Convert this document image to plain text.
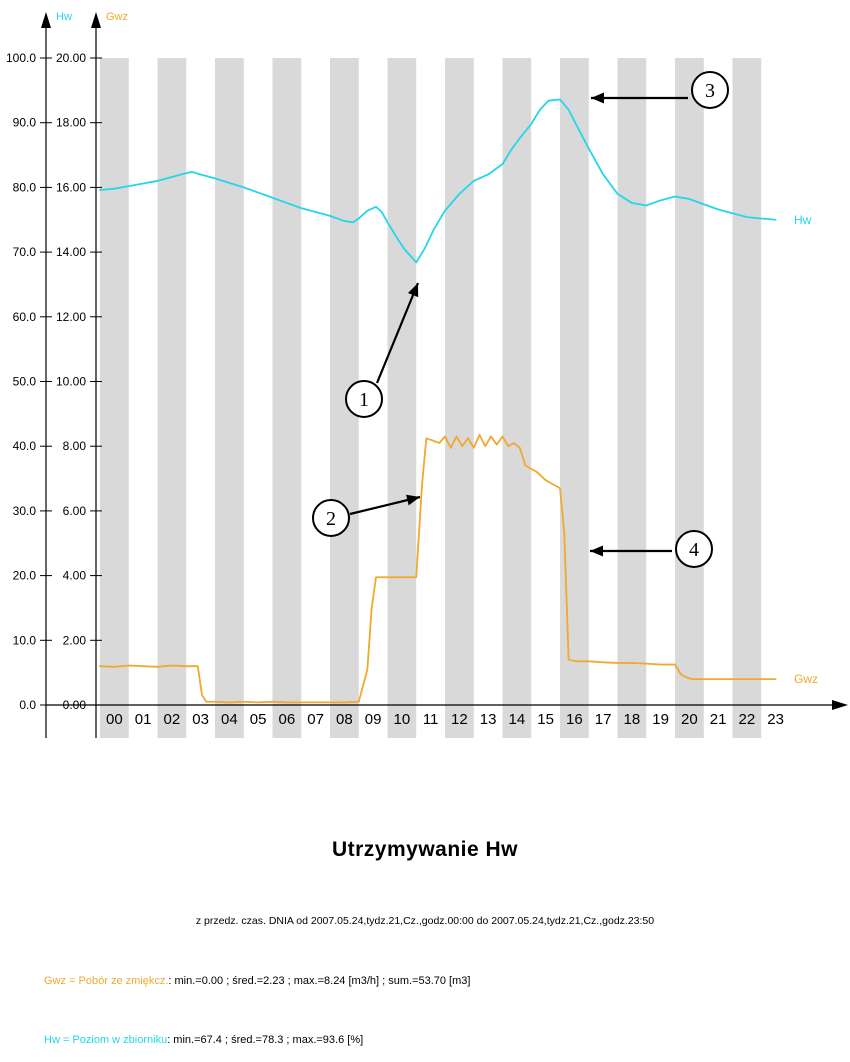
100.0
90.0
80.0
70.0
60.0
50.0
40.0
30.0
20.0
10.0
0.0
20.00
18.00
16.00
14.00
12.00
10.00
8.00
6.00
4.00
2.00
0.00
00 01 02 03 04 05 06 07 08 09 10 11 12 13 14 15 16 17 18 19 20 21 22 23
Hw
Gwz
1
2
3
4
Hw	Gwz
Utrzymywanie Hw
z przedz. czas. DNIA od 2007.05.24,tydz.21,Cz.,godz.00:00 do 2007.05.24,tydz.21,Cz.,godz.23:50
Gwz = Pobór ze zmiękcz.: min.=0.00 ; śred.=2.23 ; max.=8.24 [m3/h] ; sum.=53.70 [m3]
Hw = Poziom w zbiorniku: min.=67.4 ; śred.=78.3 ; max.=93.6 [%]
